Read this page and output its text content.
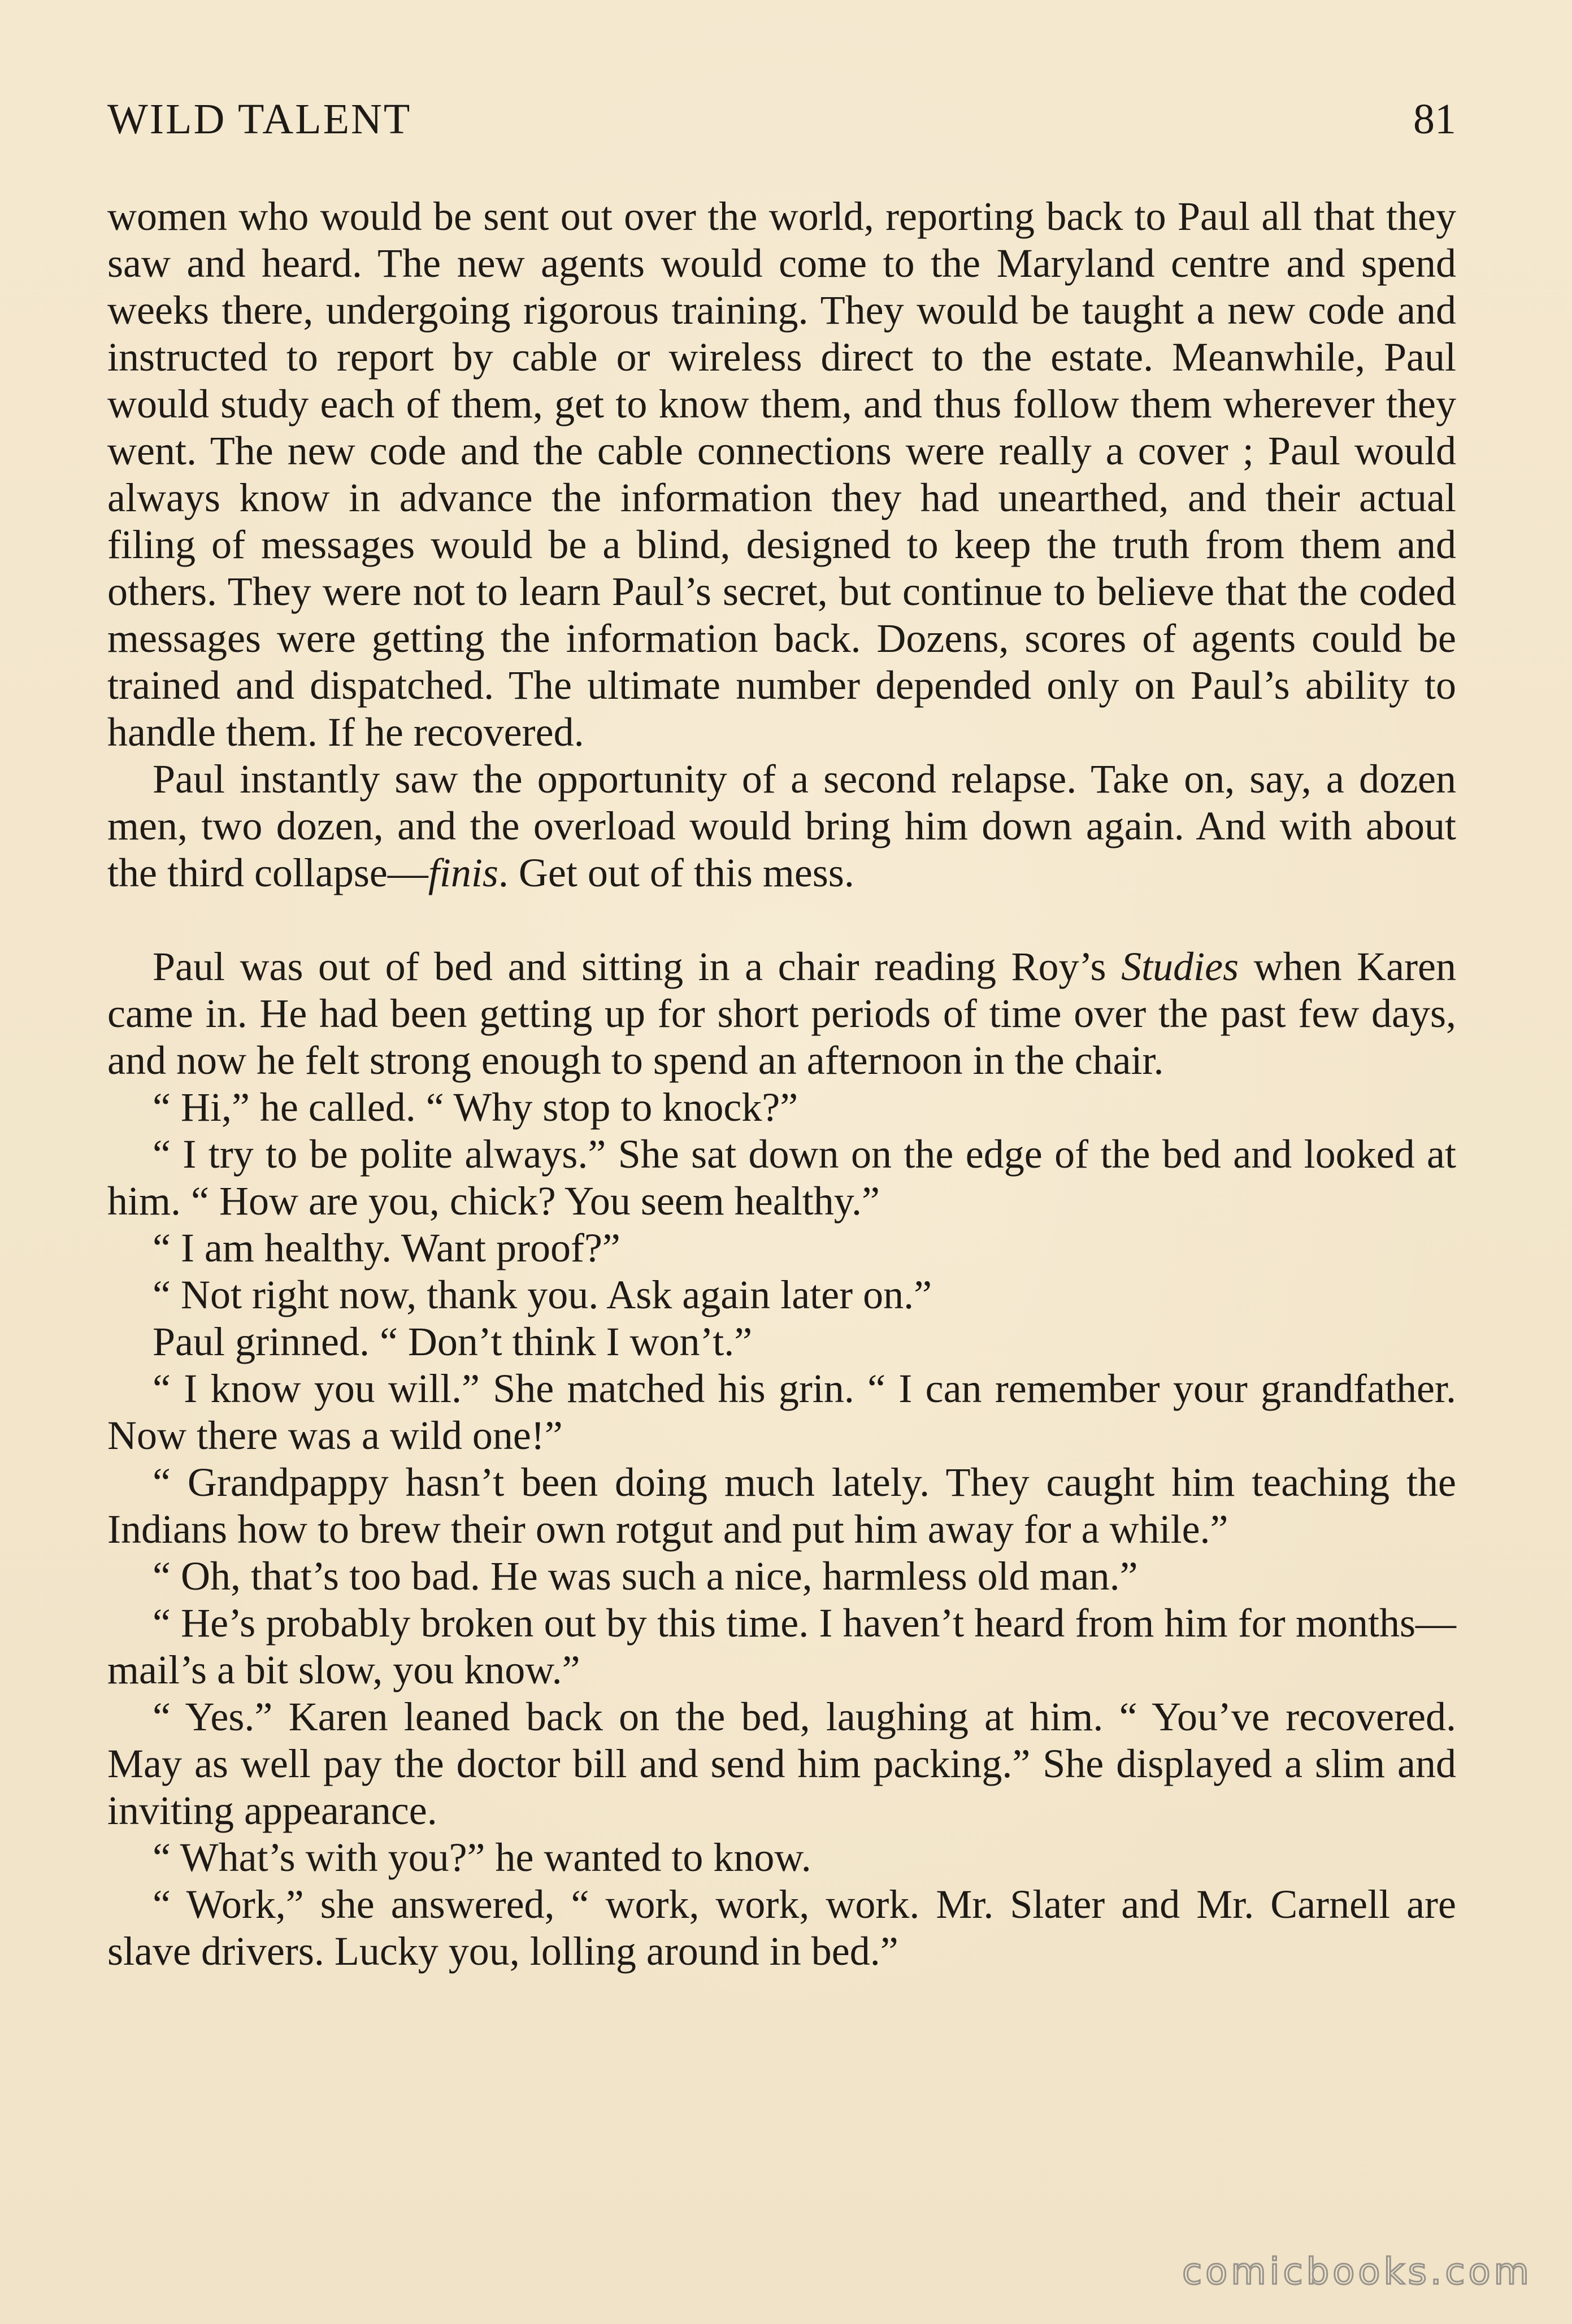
WILD TALENT	81

women who would be sent out over the world, reporting back to Paul all that they saw and heard. The new agents would come to the Maryland centre and spend weeks there, undergoing rigorous training. They would be taught a new code and instructed to report by cable or wireless direct to the estate. Meanwhile, Paul would study each of them, get to know them, and thus follow them wherever they went. The new code and the cable connections were really a cover ; Paul would always know in advance the information they had unearthed, and their actual filing of messages would be a blind, designed to keep the truth from them and others. They were not to learn Paul’s secret, but continue to believe that the coded messages were getting the information back. Dozens, scores of agents could be trained and dispatched. The ultimate number depended only on Paul’s ability to handle them. If he recovered.

Paul instantly saw the opportunity of a second relapse. Take on, say, a dozen men, two dozen, and the overload would bring him down again. And with about the third collapse—finis. Get out of this mess.

Paul was out of bed and sitting in a chair reading Roy’s Studies when Karen came in. He had been getting up for short periods of time over the past few days, and now he felt strong enough to spend an afternoon in the chair.

“ Hi,” he called. “ Why stop to knock?”

“ I try to be polite always.” She sat down on the edge of the bed and looked at him. “ How are you, chick? You seem healthy.”

“ I am healthy. Want proof?”

“ Not right now, thank you. Ask again later on.”

Paul grinned. “ Don’t think I won’t.”

“ I know you will.” She matched his grin. “ I can remember your grandfather. Now there was a wild one!”

“ Grandpappy hasn’t been doing much lately. They caught him teaching the Indians how to brew their own rotgut and put him away for a while.”

“ Oh, that’s too bad. He was such a nice, harmless old man.”

“ He’s probably broken out by this time. I haven’t heard from him for months—mail’s a bit slow, you know.”

“ Yes.” Karen leaned back on the bed, laughing at him. “ You’ve recovered. May as well pay the doctor bill and send him packing.” She displayed a slim and inviting appearance.

“ What’s with you?” he wanted to know.

“ Work,” she answered, “ work, work, work. Mr. Slater and Mr. Carnell are slave drivers. Lucky you, lolling around in bed.”

comicbooks.com
